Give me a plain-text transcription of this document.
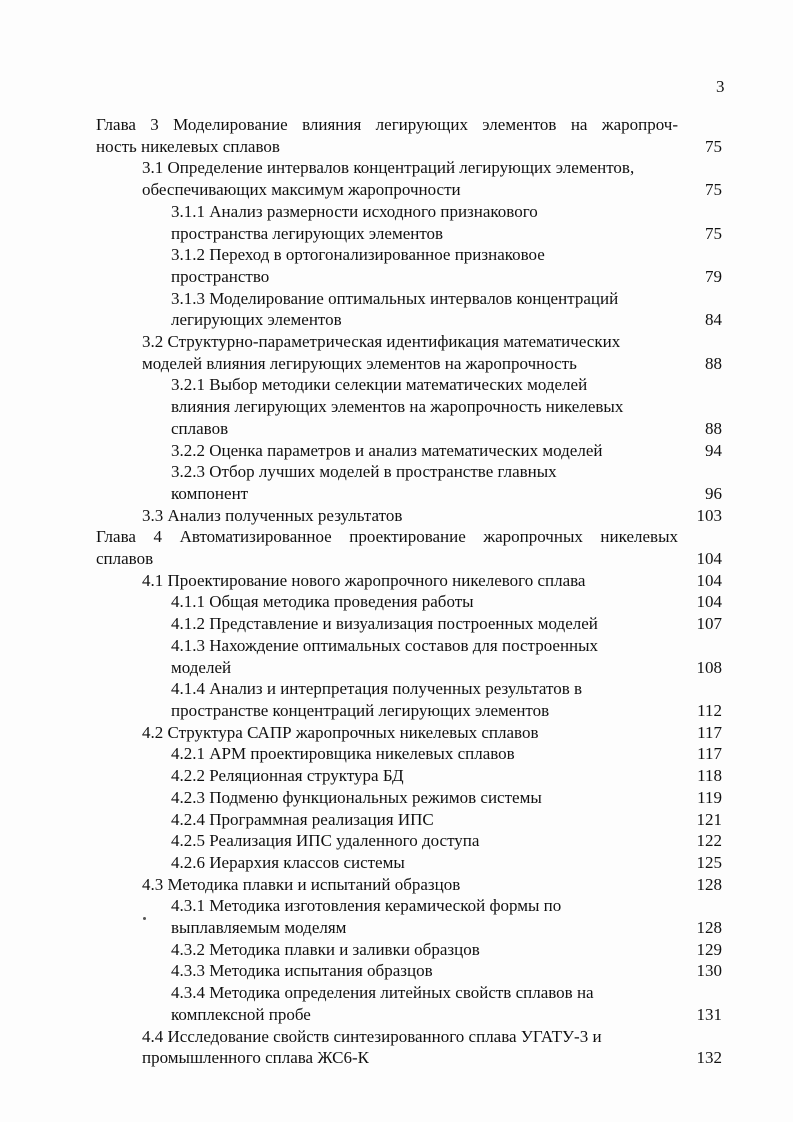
3
Глава 3 Моделирование влияния легирующих элементов на жаропроч-
ность никелевых сплавов	75
3.1 Определение интервалов концентраций легирующих элементов,
обеспечивающих максимум жаропрочности	75
3.1.1 Анализ размерности исходного признакового
пространства легирующих элементов	75
3.1.2 Переход в ортогонализированное признаковое
пространство	79
3.1.3 Моделирование оптимальных интервалов концентраций
легирующих элементов	84
3.2 Структурно-параметрическая идентификация математических
моделей влияния легирующих элементов на жаропрочность	88
3.2.1 Выбор методики селекции математических моделей
влияния легирующих элементов на жаропрочность никелевых
сплавов	88
3.2.2 Оценка параметров и анализ математических моделей	94
3.2.3 Отбор лучших моделей в пространстве главных
компонент	96
3.3 Анализ полученных результатов	103
Глава 4 Автоматизированное проектирование жаропрочных никелевых
сплавов	104
4.1 Проектирование нового жаропрочного никелевого сплава	104
4.1.1 Общая методика проведения работы	104
4.1.2 Представление и визуализация построенных моделей	107
4.1.3 Нахождение оптимальных составов для построенных
моделей	108
4.1.4 Анализ и интерпретация полученных результатов в
пространстве концентраций легирующих элементов	112
4.2 Структура САПР жаропрочных никелевых сплавов	117
4.2.1 АРМ проектировщика никелевых сплавов	117
4.2.2 Реляционная структура БД	118
4.2.3 Подменю функциональных режимов системы	119
4.2.4 Программная реализация ИПС	121
4.2.5 Реализация ИПС удаленного доступа	122
4.2.6 Иерархия классов системы	125
4.3 Методика плавки и испытаний образцов	128
4.3.1 Методика изготовления керамической формы по
выплавляемым моделям	128
4.3.2 Методика плавки и заливки образцов	129
4.3.3 Методика испытания образцов	130
4.3.4 Методика определения литейных свойств сплавов на
комплексной пробе	131
4.4 Исследование свойств синтезированного сплава УГАТУ-3 и
промышленного сплава ЖС6-К	132
